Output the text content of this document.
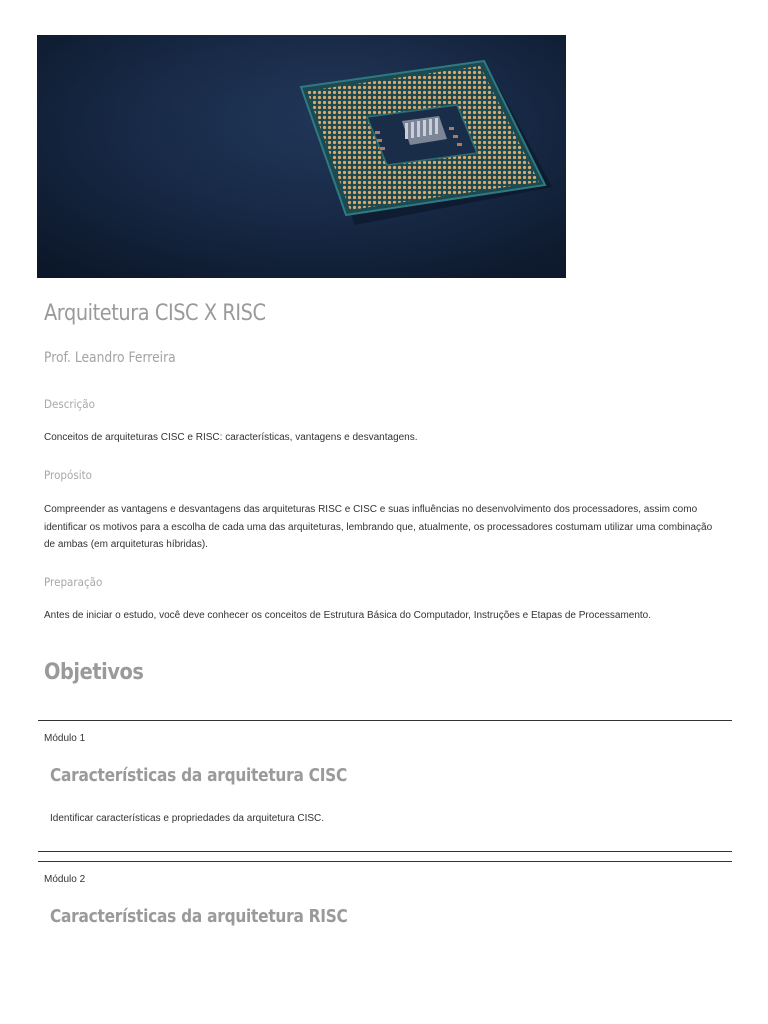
Arquitetura CISC X RISC
Prof. Leandro Ferreira
Descrição

Conceitos de arquiteturas CISC e RISC: características, vantagens e desvantagens.

Propósito

Compreender as vantagens e desvantagens das arquiteturas RISC e CISC e suas influências no desenvolvimento dos processadores, assim como identificar os motivos para a escolha de cada uma das arquiteturas, lembrando que, atualmente, os processadores costumam utilizar uma combinação de ambas (em arquiteturas híbridas).

Preparação

Antes de iniciar o estudo, você deve conhecer os conceitos de Estrutura Básica do Computador, Instruções e Etapas de Processamento.

Objetivos
Módulo 1
Características da arquitetura CISC

Identificar características e propriedades da arquitetura CISC.

Módulo 2
Características da arquitetura RISC
